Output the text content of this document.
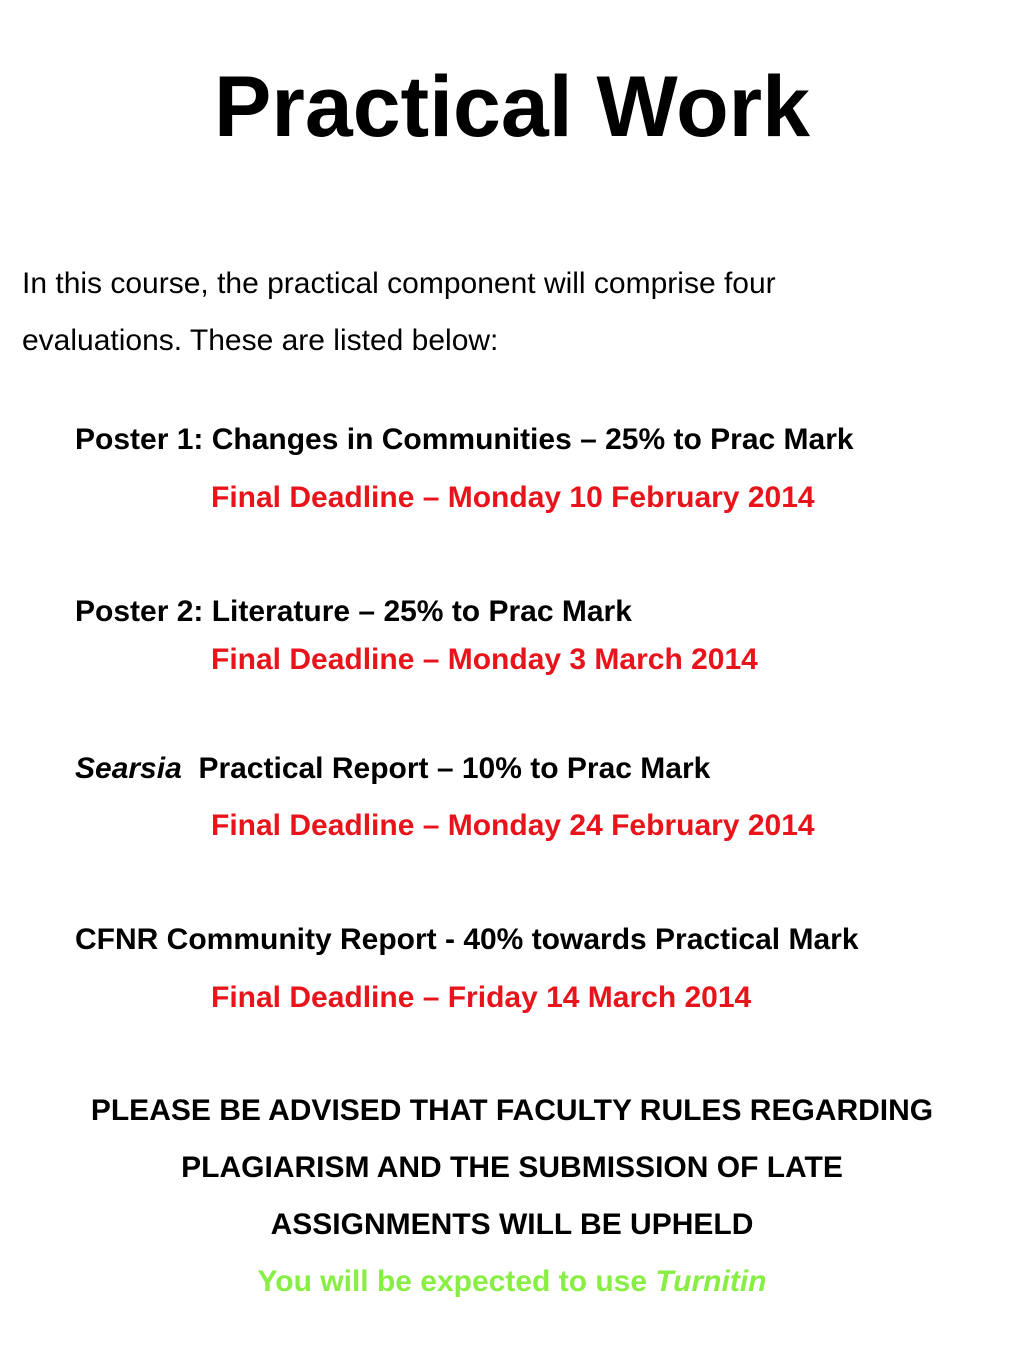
Practical Work
In this course, the practical component will comprise four
evaluations. These are listed below:
Poster 1: Changes in Communities – 25% to Prac Mark
Final Deadline – Monday 10 February 2014
Poster 2: Literature – 25% to Prac Mark
Final Deadline – Monday 3 March 2014
Searsia Practical Report – 10% to Prac Mark
Final Deadline – Monday 24 February 2014
CFNR Community Report - 40% towards Practical Mark
Final Deadline – Friday 14 March 2014
PLEASE BE ADVISED THAT FACULTY RULES REGARDING
PLAGIARISM AND THE SUBMISSION OF LATE
ASSIGNMENTS WILL BE UPHELD
You will be expected to use Turnitin
